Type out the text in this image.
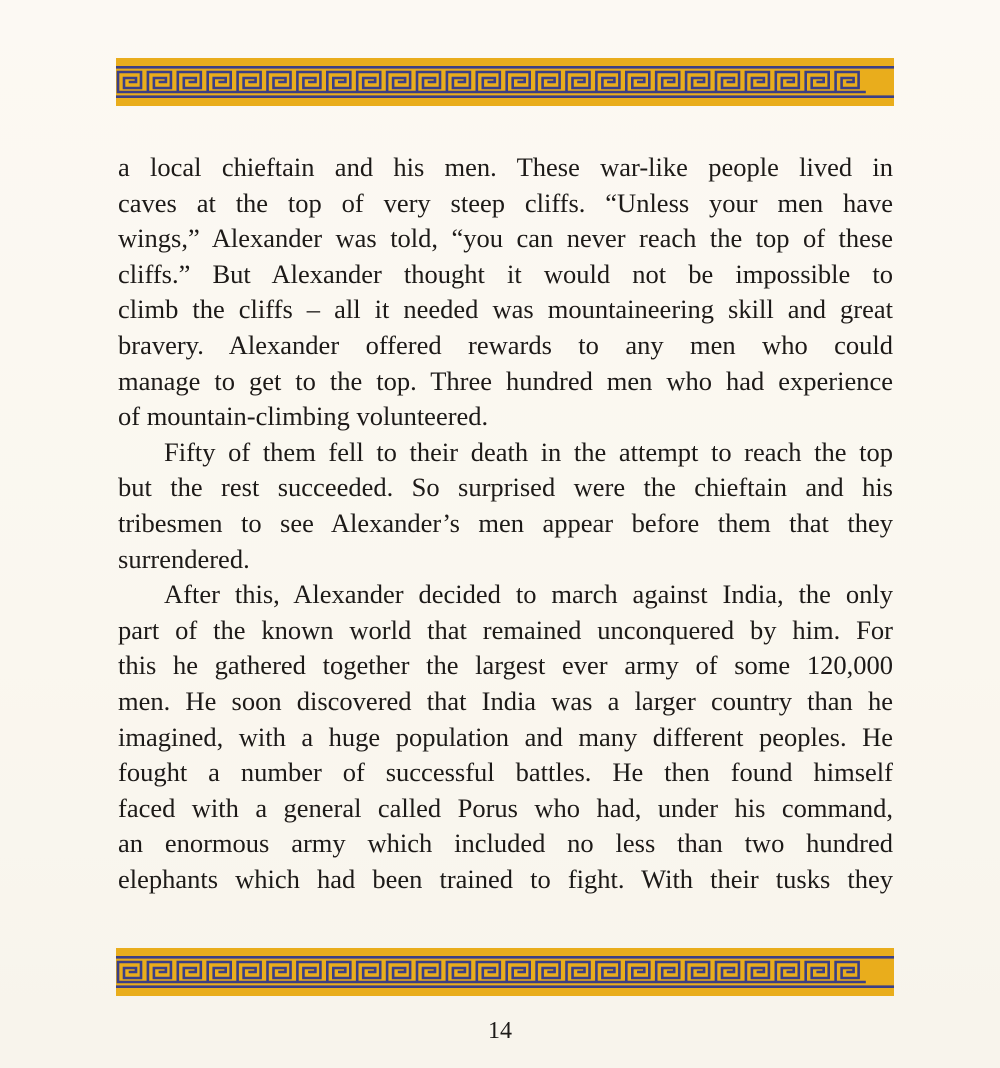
a local chieftain and his men. These war-like people lived in
caves at the top of very steep cliffs. “Unless your men have
wings,” Alexander was told, “you can never reach the top of these
cliffs.” But Alexander thought it would not be impossible to
climb the cliffs – all it needed was mountaineering skill and great
bravery. Alexander offered rewards to any men who could
manage to get to the top. Three hundred men who had experience
of mountain-climbing volunteered.
Fifty of them fell to their death in the attempt to reach the top
but the rest succeeded. So surprised were the chieftain and his
tribesmen to see Alexander’s men appear before them that they
surrendered.
After this, Alexander decided to march against India, the only
part of the known world that remained unconquered by him. For
this he gathered together the largest ever army of some 120,000
men. He soon discovered that India was a larger country than he
imagined, with a huge population and many different peoples. He
fought a number of successful battles. He then found himself
faced with a general called Porus who had, under his command,
an enormous army which included no less than two hundred
elephants which had been trained to fight. With their tusks they
14
